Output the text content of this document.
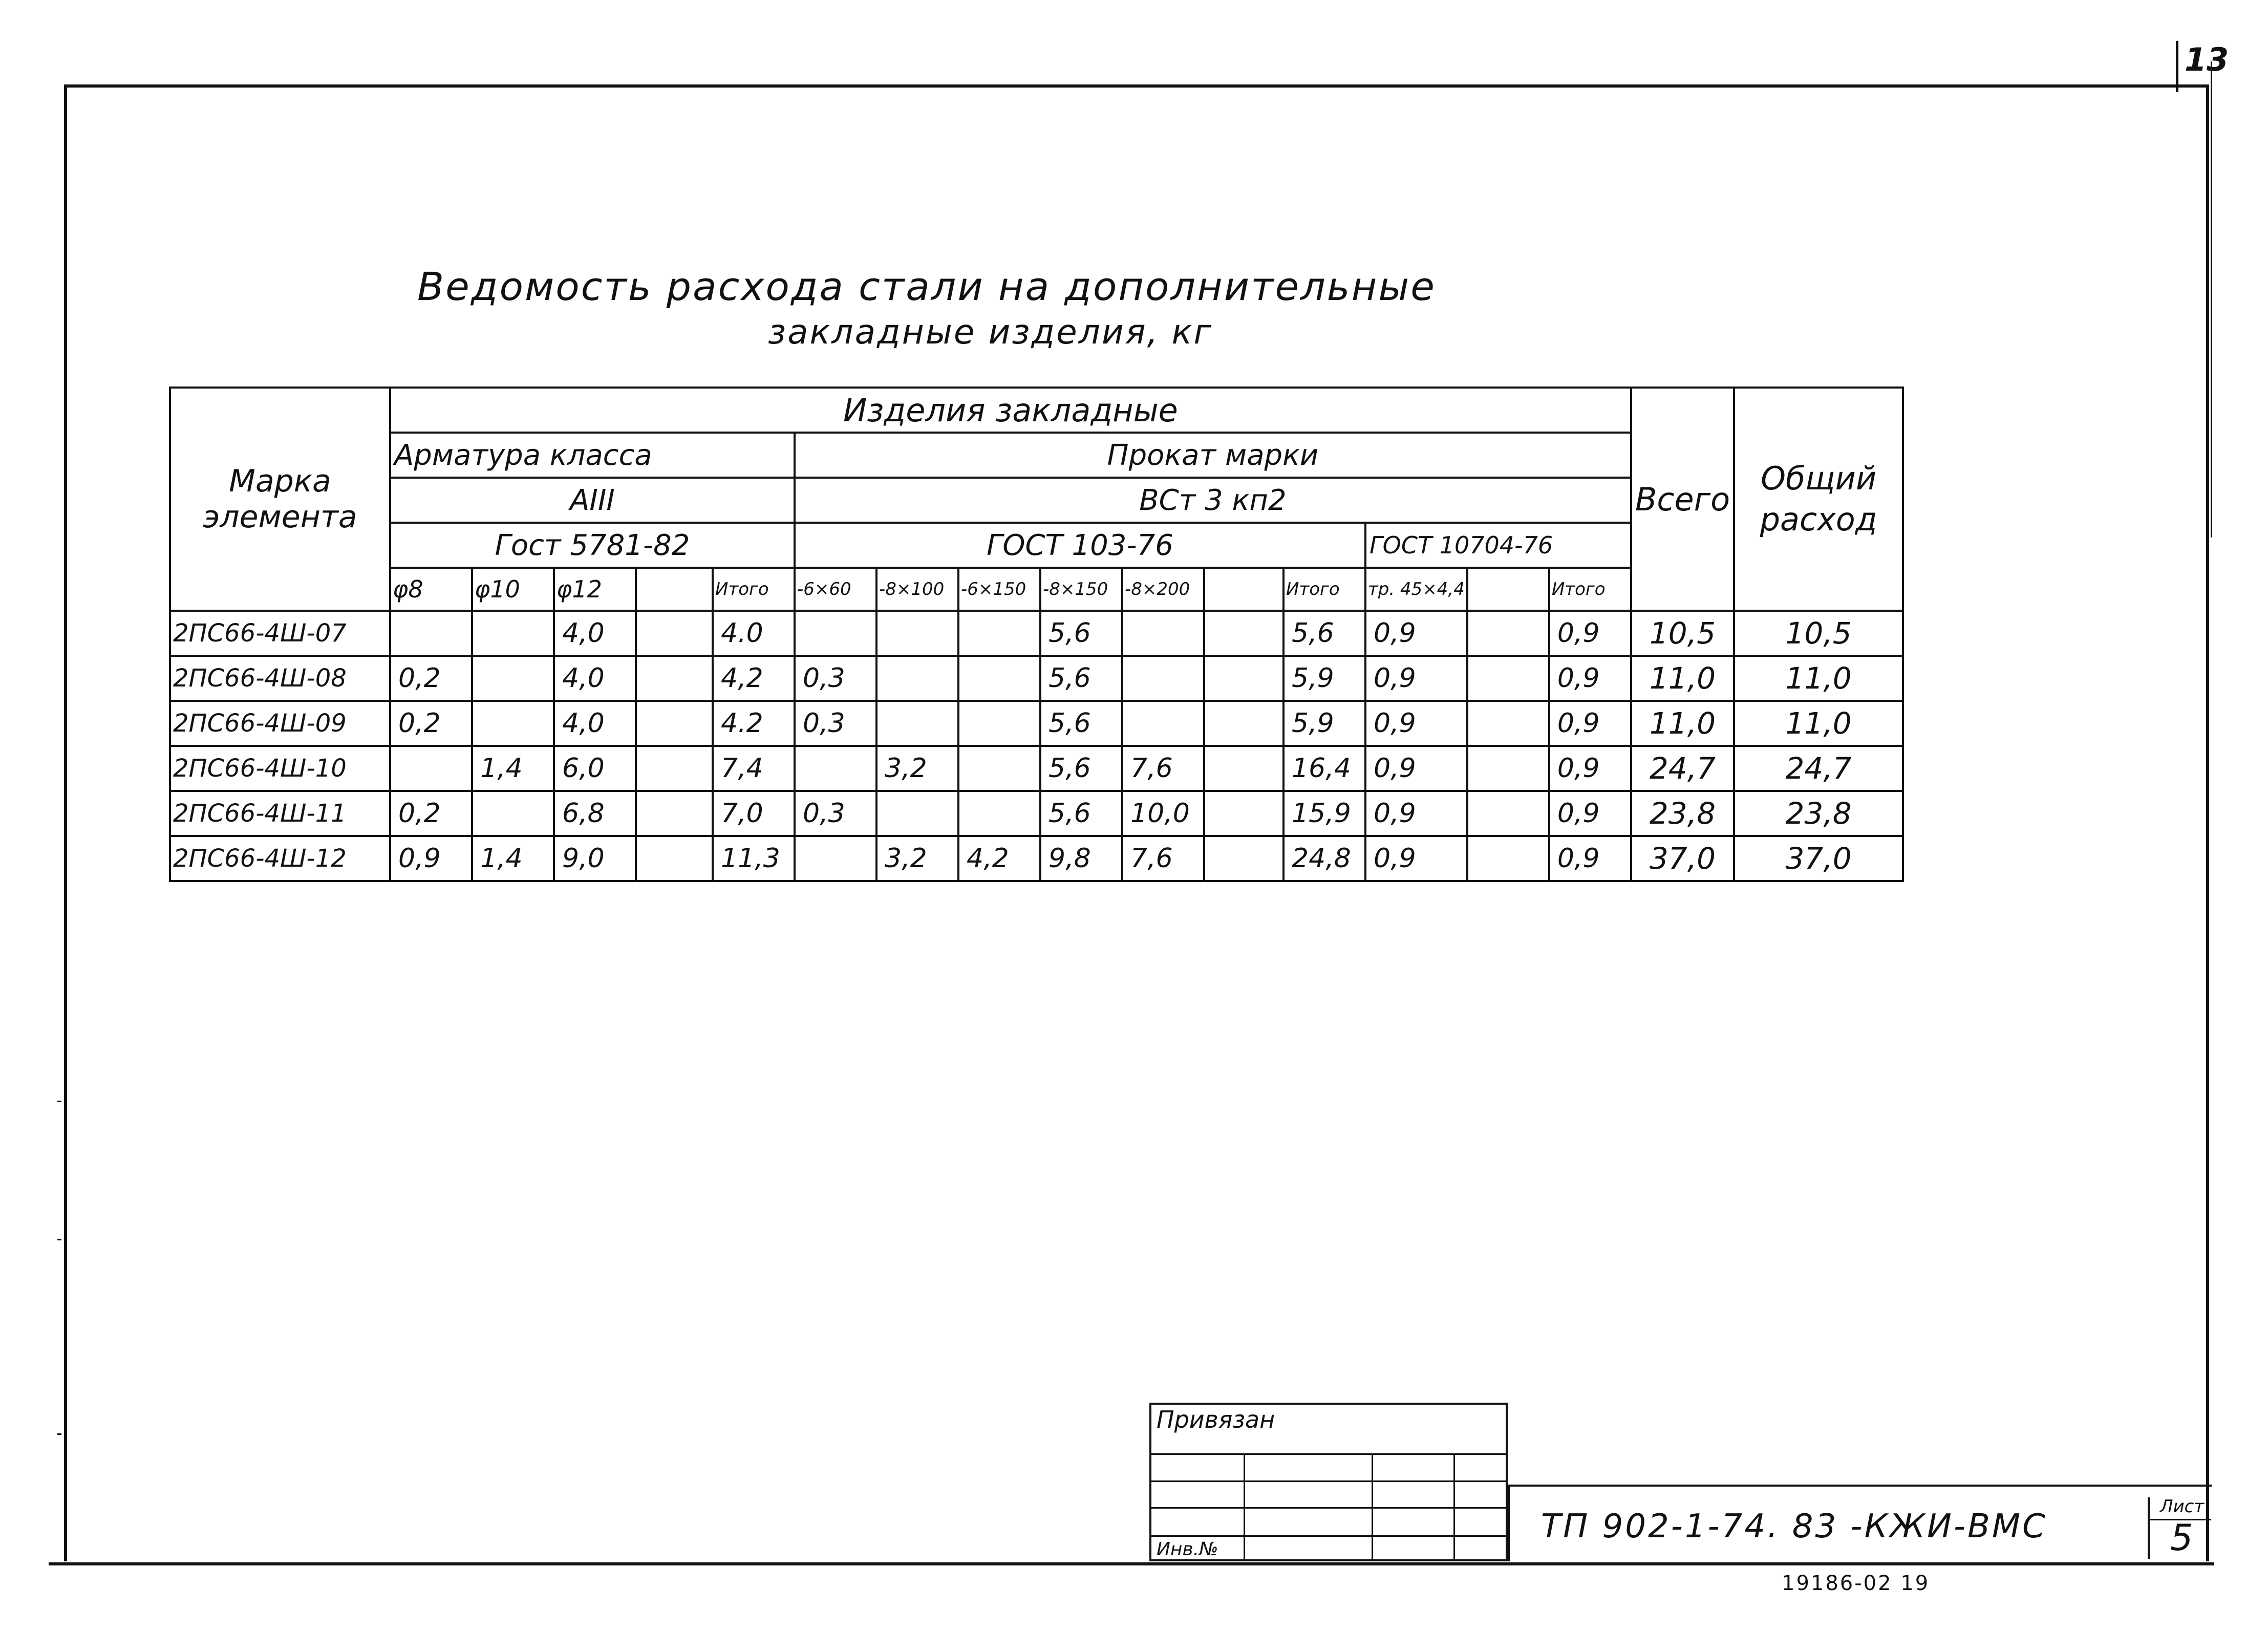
13
Ведомость расхода стали на дополнительные
закладные изделия, кг
Марка элемента	Изделия закладные															Всего	Общий расход
	Арматура класса					Прокат марки											
	AIII					ВСт 3 кп2											
	Гост 5781-82					ГОСТ 103-76							ГОСТ 10704-76				
	φ8	φ10	φ12		Итого	-6×60	-8×100	-6×150	-8×150	-8×200		Итого	тр. 45×4,4		Итого		
2ПС66-4Ш-07			4,0		4.0				5,6			5,6	0,9		0,9	10,5	10,5
2ПС66-4Ш-08	0,2		4,0		4,2	0,3			5,6			5,9	0,9		0,9	11,0	11,0
2ПС66-4Ш-09	0,2		4,0		4.2	0,3			5,6			5,9	0,9		0,9	11,0	11,0
2ПС66-4Ш-10		1,4	6,0		7,4		3,2		5,6	7,6		16,4	0,9		0,9	24,7	24,7
2ПС66-4Ш-11	0,2		6,8		7,0	0,3			5,6	10,0		15,9	0,9		0,9	23,8	23,8
2ПС66-4Ш-12	0,9	1,4	9,0		11,3		3,2	4,2	9,8	7,6		24,8	0,9		0,9	37,0	37,0
Привязан
Инв.№
ТП 902-1-74. 83 -КЖИ-ВМС
Лист
5
19186-02 19
